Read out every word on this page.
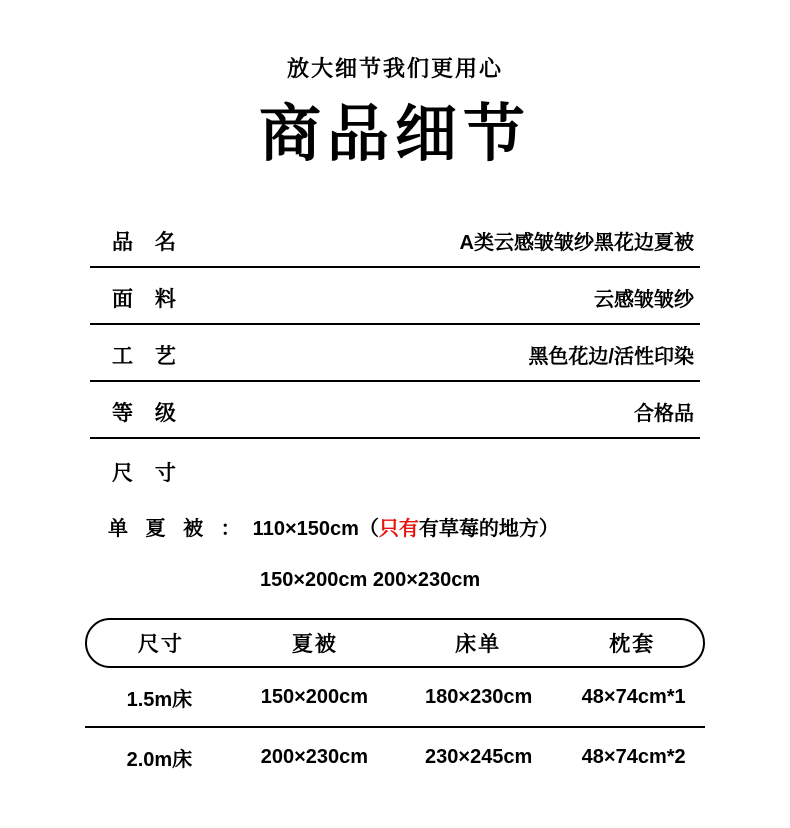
放大细节我们更用心
商品细节
品 名	A类云感皱皱纱黑花边夏被
面 料	云感皱皱纱
工 艺	黑色花边/活性印染
等 级	合格品
尺 寸
单 夏 被 ： 110×150cm（只有有草莓的地方）
150×200cm 200×230cm
尺寸	夏被	床单	枕套
1.5m床	150×200cm	180×230cm	48×74cm*1
2.0m床	200×230cm	230×245cm	48×74cm*2
